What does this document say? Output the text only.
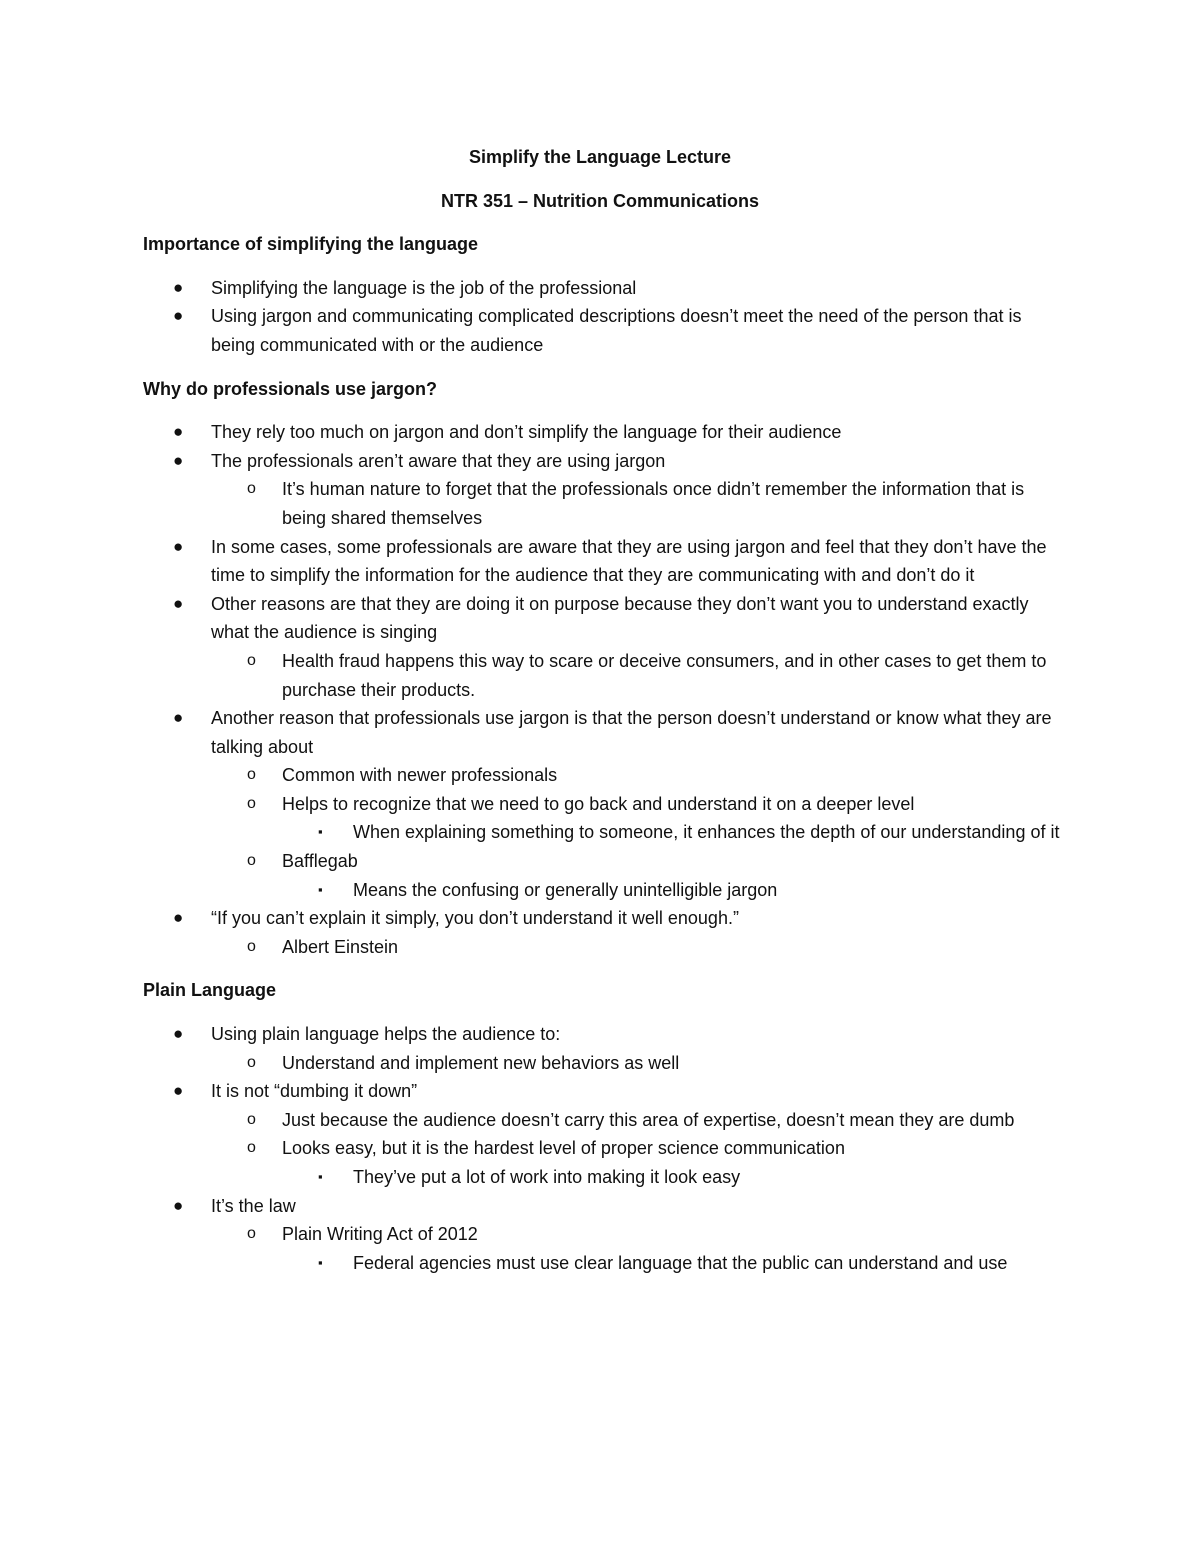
Simplify the Language Lecture

NTR 351 – Nutrition Communications

Importance of simplifying the language

● Simplifying the language is the job of the professional
● Using jargon and communicating complicated descriptions doesn’t meet the need of the person that is being communicated with or the audience

Why do professionals use jargon?

● They rely too much on jargon and don’t simplify the language for their audience
● The professionals aren’t aware that they are using jargon
o It’s human nature to forget that the professionals once didn’t remember the information that is being shared themselves
● In some cases, some professionals are aware that they are using jargon and feel that they don’t have the time to simplify the information for the audience that they are communicating with and don’t do it
● Other reasons are that they are doing it on purpose because they don’t want you to understand exactly what the audience is singing
o Health fraud happens this way to scare or deceive consumers, and in other cases to get them to purchase their products.
● Another reason that professionals use jargon is that the person doesn’t understand or know what they are talking about
o Common with newer professionals
o Helps to recognize that we need to go back and understand it on a deeper level
▪ When explaining something to someone, it enhances the depth of our understanding of it
o Bafflegab
▪ Means the confusing or generally unintelligible jargon
● “If you can’t explain it simply, you don’t understand it well enough.”
o Albert Einstein

Plain Language

● Using plain language helps the audience to:
o Understand and implement new behaviors as well
● It is not “dumbing it down”
o Just because the audience doesn’t carry this area of expertise, doesn’t mean they are dumb
o Looks easy, but it is the hardest level of proper science communication
▪ They’ve put a lot of work into making it look easy
● It’s the law
o Plain Writing Act of 2012
▪ Federal agencies must use clear language that the public can understand and use
